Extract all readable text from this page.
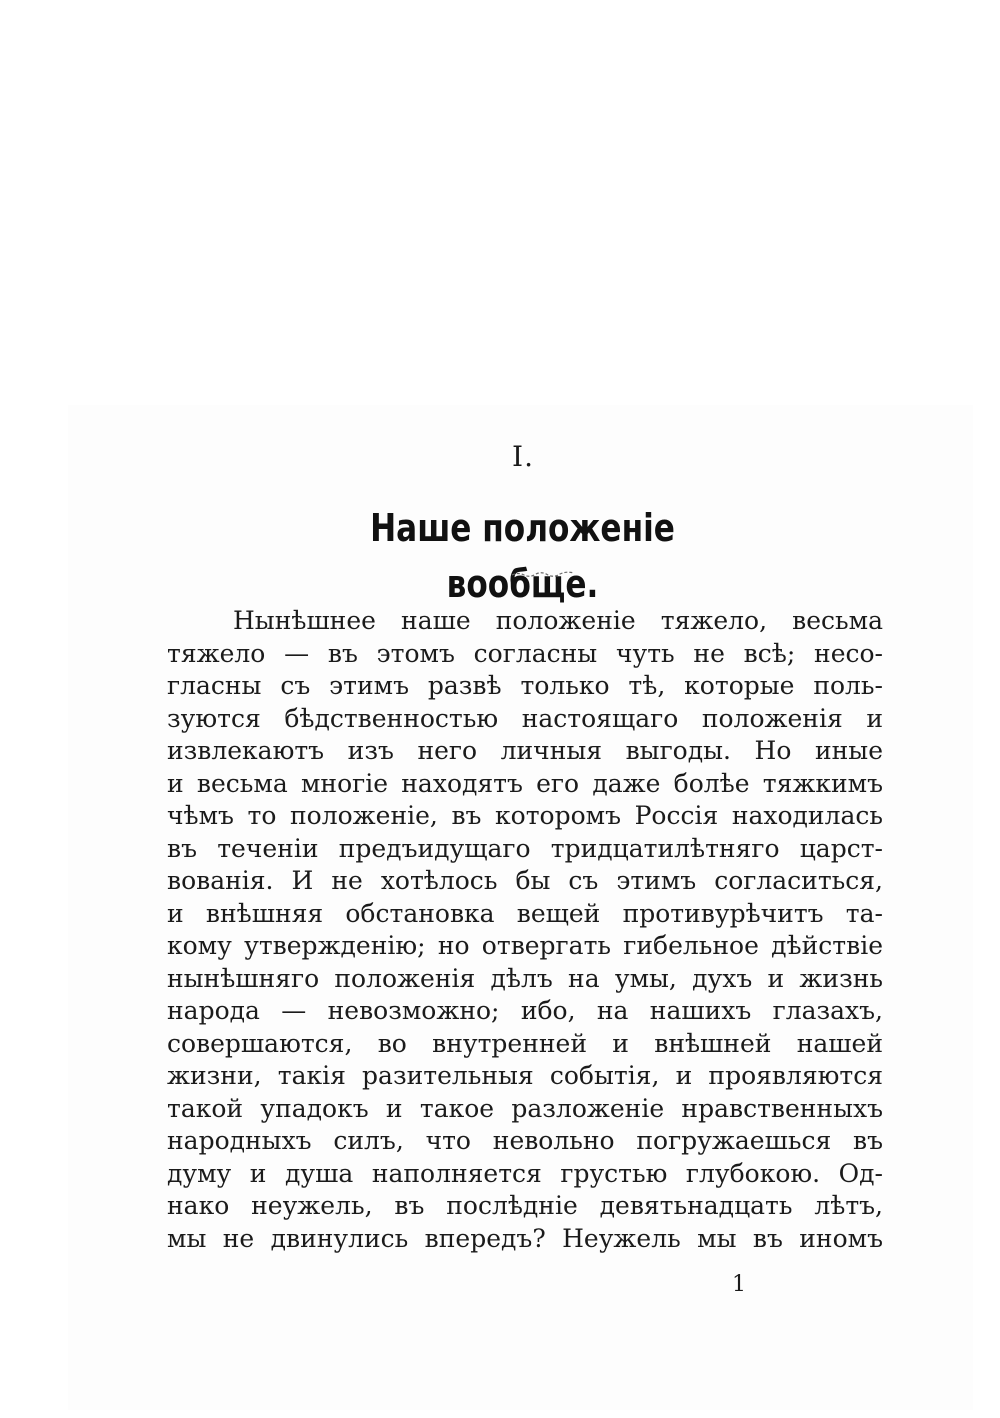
I.
Наше положенiе вообще.
Нынѣшнее наше положенiе тяжело, весьма
тяжело — въ этомъ согласны чуть не всѣ; несо-
гласны съ этимъ развѣ только тѣ, которые поль-
зуются бѣдственностью настоящаго положенiя и
извлекаютъ изъ него личныя выгоды. Но иные
и весьма многiе находятъ его даже болѣе тяжкимъ
чѣмъ то положенiе, въ которомъ Россiя находилась
въ теченiи предъидущаго тридцатилѣтняго царст-
вованiя. И не хотѣлось бы съ этимъ согласиться,
и внѣшняя обстановка вещей противурѣчитъ та-
кому утвержденiю; но отвергать гибельное дѣйствiе
нынѣшняго положенiя дѣлъ на умы, духъ и жизнь
народа — невозможно; ибо, на нашихъ глазахъ,
совершаются, во внутренней и внѣшней нашей
жизни, такiя разительныя событiя, и проявляются
такой упадокъ и такое разложенiе нравственныхъ
народныхъ силъ, что невольно погружаешься въ
думу и душа наполняется грустью глубокою. Од-
нако неужель, въ послѣднiе девятьнадцать лѣтъ,
мы не двинулись впередъ? Неужель мы въ иномъ
1
